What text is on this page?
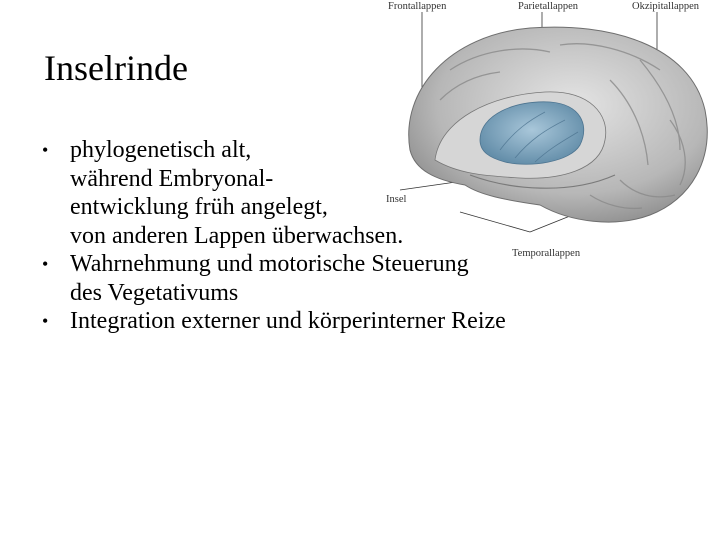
Inselrinde
Frontallappen	Parietallappen	Okzipitallappen
Insel
Temporallappen
• phylogenetisch alt,
während Embryonal-
entwicklung früh angelegt,
von anderen Lappen überwachsen.
• Wahrnehmung und motorische Steuerung
des Vegetativums
• Integration externer und körperinterner Reize
